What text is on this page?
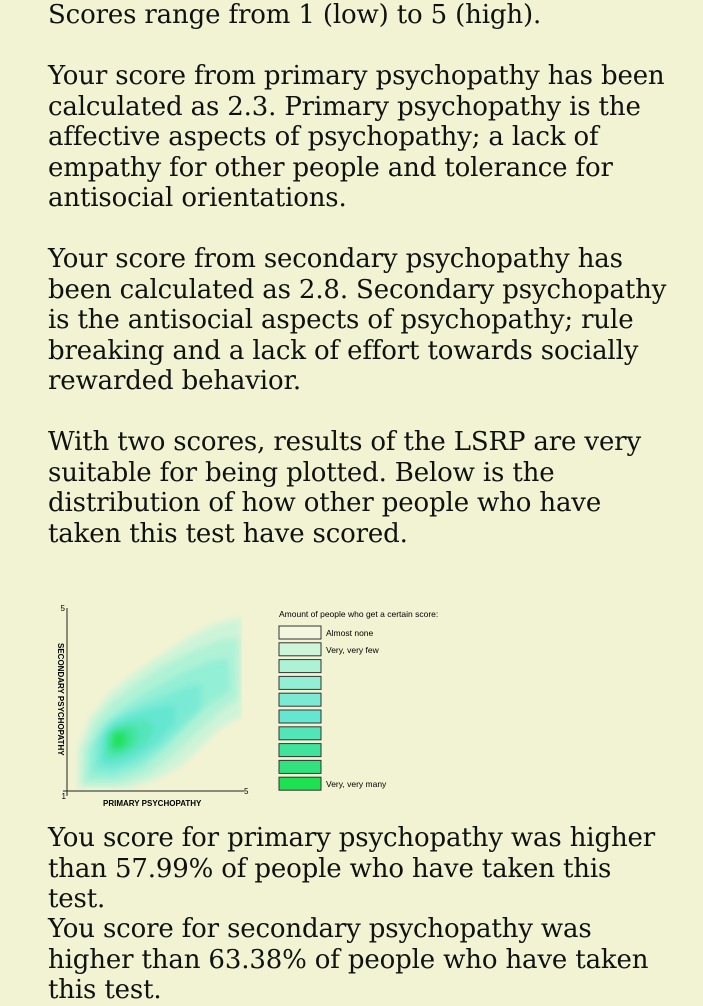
Scores range from 1 (low) to 5 (high).

Your score from primary psychopathy has been calculated as 2.3. Primary psychopathy is the affective aspects of psychopathy; a lack of empathy for other people and tolerance for antisocial orientations.

Your score from secondary psychopathy has been calculated as 2.8. Secondary psychopathy is the antisocial aspects of psychopathy; rule breaking and a lack of effort towards socially rewarded behavior.

With two scores, results of the LSRP are very suitable for being plotted. Below is the distribution of how other people who have taken this test have scored.

5
1
5
PRIMARY PSYCHOPATHY
SECONDARY PSYCHOPATHY
Amount of people who get a certain score:
Almost none
Very, very few
Very, very many

You score for primary psychopathy was higher than 57.99% of people who have taken this test.

You score for secondary psychopathy was higher than 63.38% of people who have taken this test.
